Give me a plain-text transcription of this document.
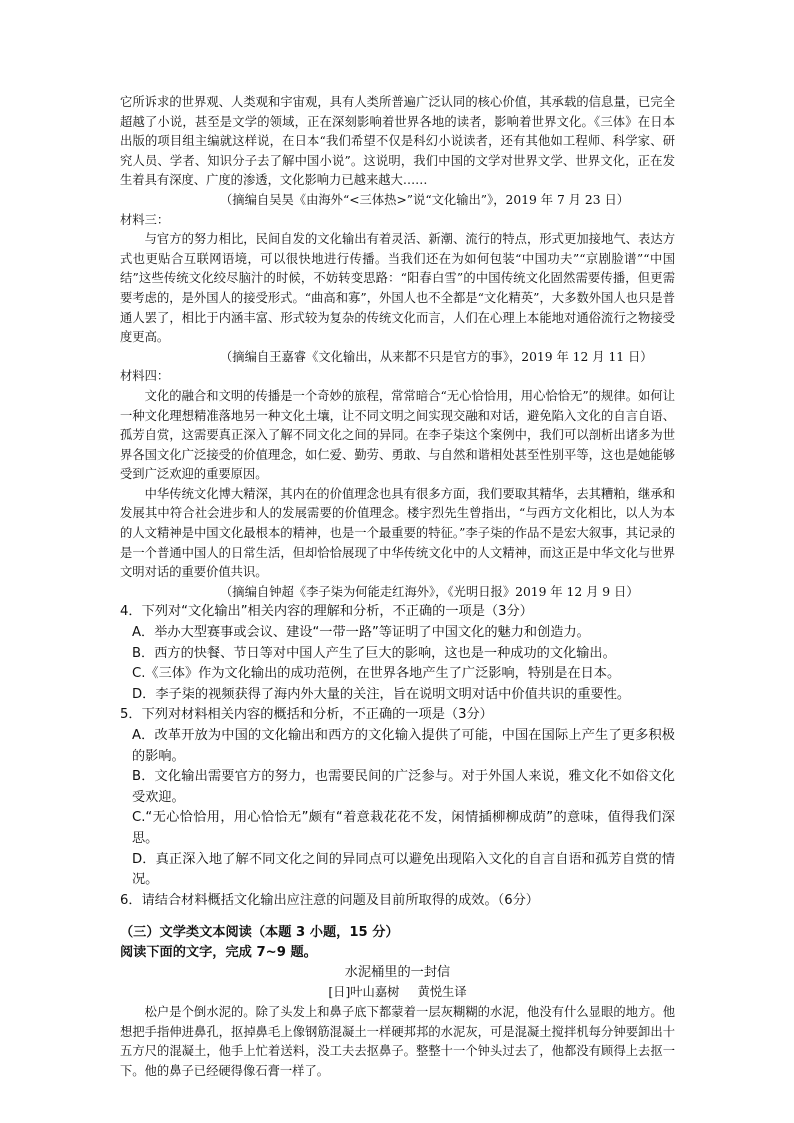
它所诉求的世界观、人类观和宇宙观，具有人类所普遍广泛认同的核心价值，其承载的信息量，已完全超越了小说，甚至是文学的领域，正在深刻影响着世界各地的读者，影响着世界文化。《三体》在日本出版的项目组主编就这样说，在日本“我们希望不仅是科幻小说读者，还有其他如工程师、科学家、研究人员、学者、知识分子去了解中国小说”。这说明，我们中国的文学对世界文学、世界文化，正在发生着具有深度、广度的渗透，文化影响力已越来越大……

（摘编自吴昊《由海外“<三体热>”说“文化输出”》，2019 年 7 月 23 日）

材料三：

与官方的努力相比，民间自发的文化输出有着灵活、新潮、流行的特点，形式更加接地气、表达方式也更贴合互联网语境，可以很快地进行传播。当我们还在为如何包装“中国功夫”“京剧脸谱”“中国结”这些传统文化绞尽脑汁的时候，不妨转变思路：“阳春白雪”的中国传统文化固然需要传播，但更需要考虑的，是外国人的接受形式。“曲高和寡”，外国人也不全都是“文化精英”，大多数外国人也只是普通人罢了，相比于内涵丰富、形式较为复杂的传统文化而言，人们在心理上本能地对通俗流行之物接受度更高。

（摘编自王嘉睿《文化输出，从来都不只是官方的事》，2019 年 12 月 11 日）

材料四：

文化的融合和文明的传播是一个奇妙的旅程，常常暗合“无心恰恰用，用心恰恰无”的规律。如何让一种文化理想精准落地另一种文化土壤，让不同文明之间实现交融和对话，避免陷入文化的自言自语、孤芳自赏，这需要真正深入了解不同文化之间的异同。在李子柒这个案例中，我们可以剖析出诸多为世界各国文化广泛接受的价值理念，如仁爱、勤劳、勇敢、与自然和谐相处甚至性别平等，这也是她能够受到广泛欢迎的重要原因。

中华传统文化博大精深，其内在的价值理念也具有很多方面，我们要取其精华，去其糟粕，继承和发展其中符合社会进步和人的发展需要的价值理念。楼宇烈先生曾指出，“与西方文化相比，以人为本的人文精神是中国文化最根本的精神，也是一个最重要的特征。”李子柒的作品不是宏大叙事，其记录的是一个普通中国人的日常生活，但却恰恰展现了中华传统文化中的人文精神，而这正是中华文化与世界文明对话的重要价值共识。

（摘编自钟超《李子柒为何能走红海外》，《光明日报》2019 年 12 月 9 日）

4．下列对“文化输出”相关内容的理解和分析，不正确的一项是（3分）

A．举办大型赛事或会议、建设“一带一路”等证明了中国文化的魅力和创造力。

B．西方的快餐、节日等对中国人产生了巨大的影响，这也是一种成功的文化输出。

C.《三体》作为文化输出的成功范例，在世界各地产生了广泛影响，特别是在日本。

D．李子柒的视频获得了海内外大量的关注，旨在说明文明对话中价值共识的重要性。

5．下列对材料相关内容的概括和分析，不正确的一项是（3分）

A．改革开放为中国的文化输出和西方的文化输入提供了可能，中国在国际上产生了更多积极的影响。

B．文化输出需要官方的努力，也需要民间的广泛参与。对于外国人来说，雅文化不如俗文化受欢迎。

C.“无心恰恰用，用心恰恰无”颇有“着意栽花花不发，闲情插柳柳成荫”的意味，值得我们深思。

D．真正深入地了解不同文化之间的异同点可以避免出现陷入文化的自言自语和孤芳自赏的情况。

6．请结合材料概括文化输出应注意的问题及目前所取得的成效。（6分）

（三）文学类文本阅读（本题 3 小题，15 分）

阅读下面的文字，完成 7~9 题。

水泥桶里的一封信

[日]叶山嘉树 黄悦生译

松户是个倒水泥的。除了头发上和鼻子底下都蒙着一层灰糊糊的水泥，他没有什么显眼的地方。他想把手指伸进鼻孔，抠掉鼻毛上像钢筋混凝土一样硬邦邦的水泥灰，可是混凝土搅拌机每分钟要卸出十五方尺的混凝土，他手上忙着送料，没工夫去抠鼻子。整整十一个钟头过去了，他都没有顾得上去抠一下。他的鼻子已经硬得像石膏一样了。
